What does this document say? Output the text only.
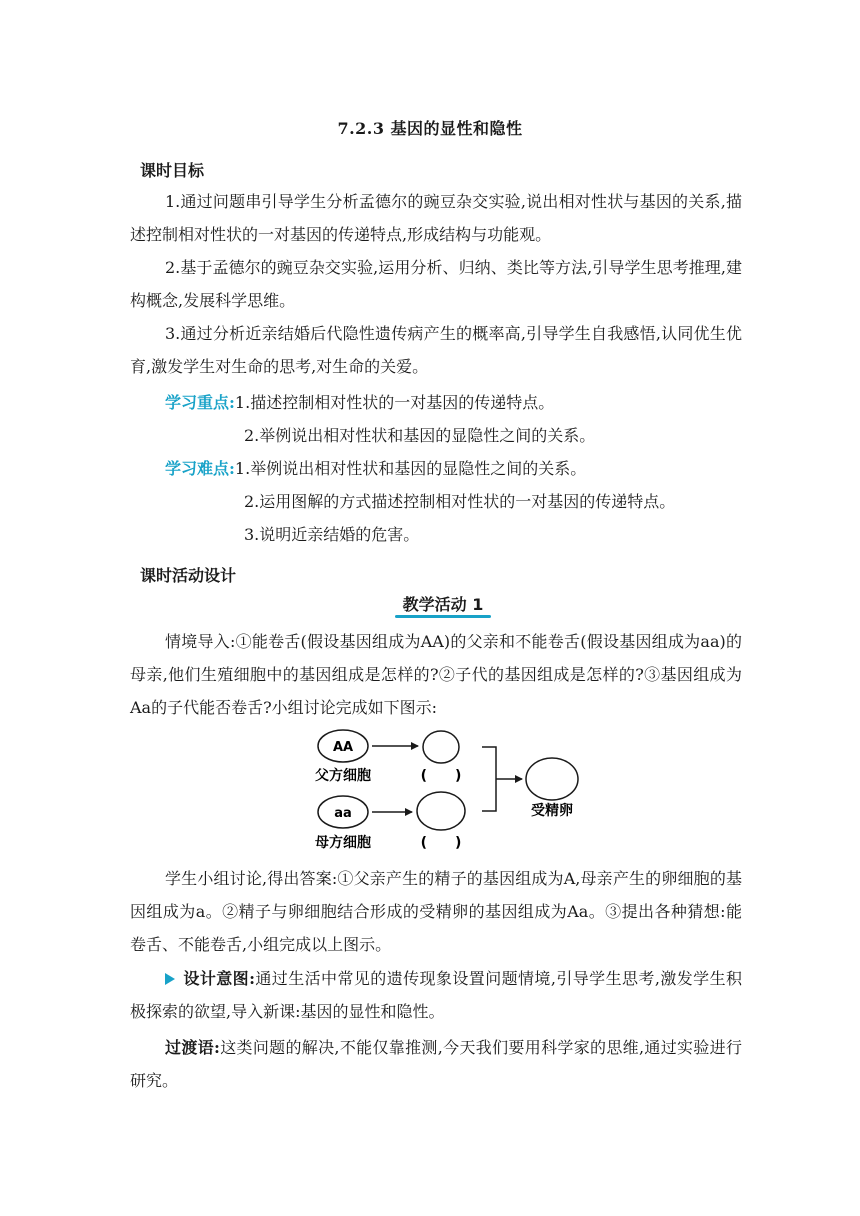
7.2.3 基因的显性和隐性
课时目标
1.通过问题串引导学生分析孟德尔的豌豆杂交实验,说出相对性状与基因的关系,描述控制相对性状的一对基因的传递特点,形成结构与功能观。
2.基于孟德尔的豌豆杂交实验,运用分析、归纳、类比等方法,引导学生思考推理,建构概念,发展科学思维。
3.通过分析近亲结婚后代隐性遗传病产生的概率高,引导学生自我感悟,认同优生优育,激发学生对生命的思考,对生命的关爱。
学习重点:1.描述控制相对性状的一对基因的传递特点。
2.举例说出相对性状和基因的显隐性之间的关系。
学习难点:1.举例说出相对性状和基因的显隐性之间的关系。
2.运用图解的方式描述控制相对性状的一对基因的传递特点。
3.说明近亲结婚的危害。
课时活动设计
教学活动 1
情境导入:①能卷舌(假设基因组成为AA)的父亲和不能卷舌(假设基因组成为aa)的母亲,他们生殖细胞中的基因组成是怎样的?②子代的基因组成是怎样的?③基因组成为Aa的子代能否卷舌?小组讨论完成如下图示:
AA
父方细胞	(　　)
aa
母方细胞	(　　)
受精卵
学生小组讨论,得出答案:①父亲产生的精子的基因组成为A,母亲产生的卵细胞的基因组成为a。②精子与卵细胞结合形成的受精卵的基因组成为Aa。③提出各种猜想:能卷舌、不能卷舌,小组完成以上图示。
设计意图:通过生活中常见的遗传现象设置问题情境,引导学生思考,激发学生积极探索的欲望,导入新课:基因的显性和隐性。
过渡语:这类问题的解决,不能仅靠推测,今天我们要用科学家的思维,通过实验进行研究。
